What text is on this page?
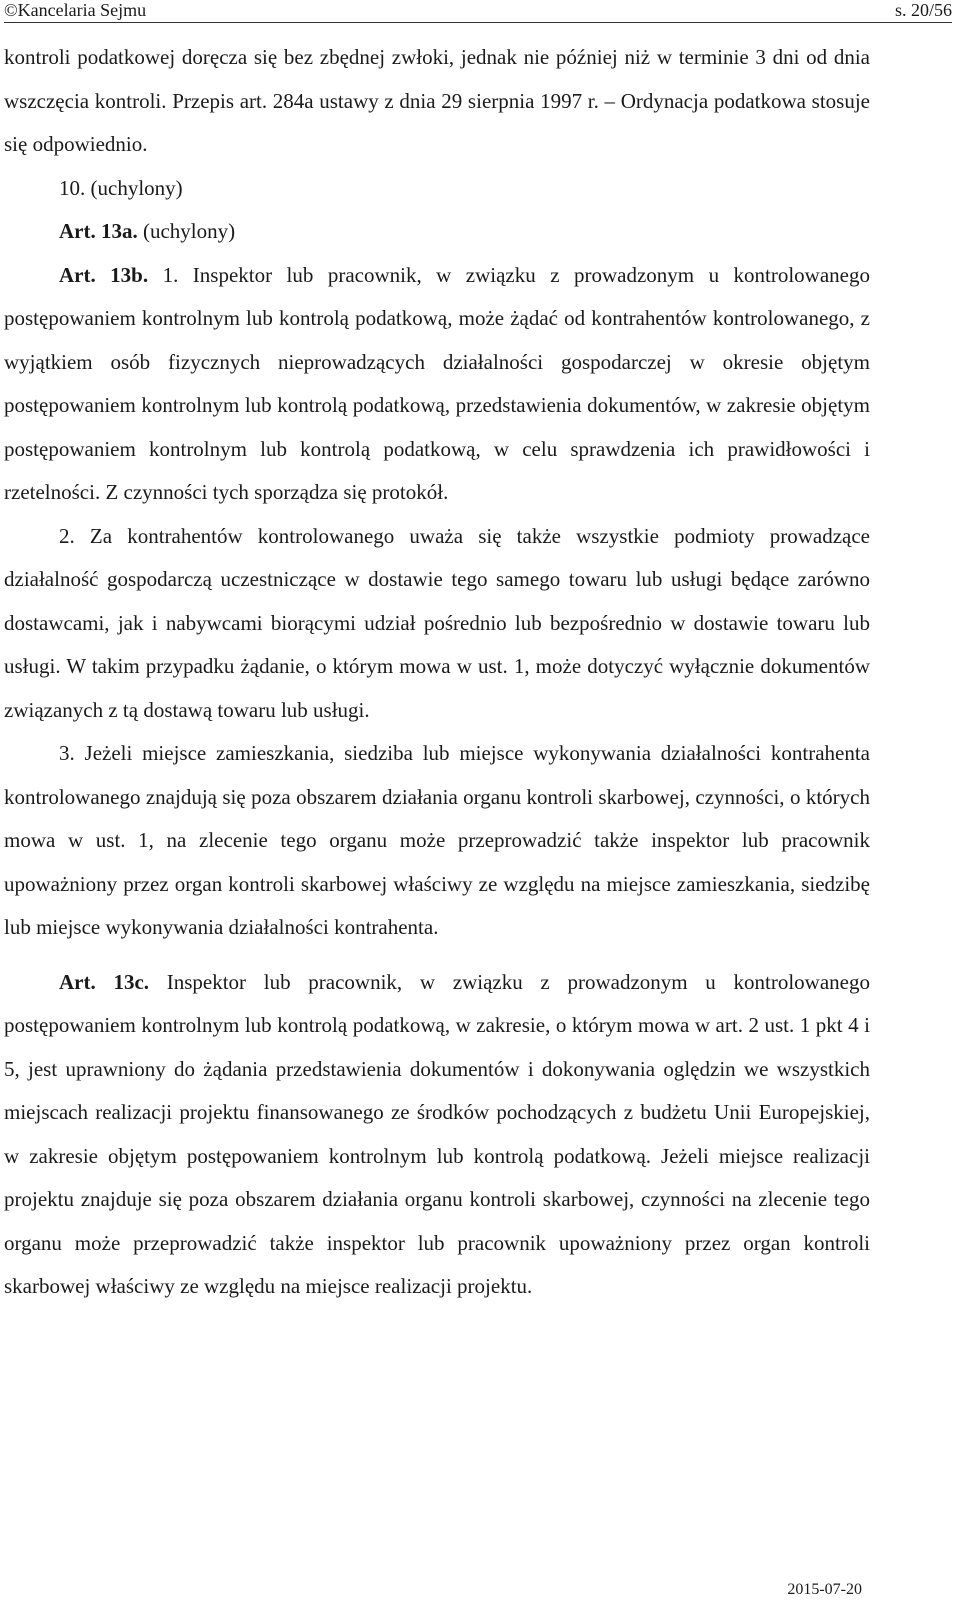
©Kancelaria Sejmu	s. 20/56

kontroli podatkowej doręcza się bez zbędnej zwłoki, jednak nie później niż w terminie 3 dni od dnia wszczęcia kontroli. Przepis art. 284a ustawy z dnia 29 sierpnia 1997 r. – Ordynacja podatkowa stosuje się odpowiednio.

10. (uchylony)

Art. 13a. (uchylony)

Art. 13b. 1. Inspektor lub pracownik, w związku z prowadzonym u kontrolowanego postępowaniem kontrolnym lub kontrolą podatkową, może żądać od kontrahentów kontrolowanego, z wyjątkiem osób fizycznych nieprowadzących działalności gospodarczej w okresie objętym postępowaniem kontrolnym lub kontrolą podatkową, przedstawienia dokumentów, w zakresie objętym postępowaniem kontrolnym lub kontrolą podatkową, w celu sprawdzenia ich prawidłowości i rzetelności. Z czynności tych sporządza się protokół.

2. Za kontrahentów kontrolowanego uważa się także wszystkie podmioty prowadzące działalność gospodarczą uczestniczące w dostawie tego samego towaru lub usługi będące zarówno dostawcami, jak i nabywcami biorącymi udział pośrednio lub bezpośrednio w dostawie towaru lub usługi. W takim przypadku żądanie, o którym mowa w ust. 1, może dotyczyć wyłącznie dokumentów związanych z tą dostawą towaru lub usługi.

3. Jeżeli miejsce zamieszkania, siedziba lub miejsce wykonywania działalności kontrahenta kontrolowanego znajdują się poza obszarem działania organu kontroli skarbowej, czynności, o których mowa w ust. 1, na zlecenie tego organu może przeprowadzić także inspektor lub pracownik upoważniony przez organ kontroli skarbowej właściwy ze względu na miejsce zamieszkania, siedzibę lub miejsce wykonywania działalności kontrahenta.

Art. 13c. Inspektor lub pracownik, w związku z prowadzonym u kontrolowanego postępowaniem kontrolnym lub kontrolą podatkową, w zakresie, o którym mowa w art. 2 ust. 1 pkt 4 i 5, jest uprawniony do żądania przedstawienia dokumentów i dokonywania oględzin we wszystkich miejscach realizacji projektu finansowanego ze środków pochodzących z budżetu Unii Europejskiej, w zakresie objętym postępowaniem kontrolnym lub kontrolą podatkową. Jeżeli miejsce realizacji projektu znajduje się poza obszarem działania organu kontroli skarbowej, czynności na zlecenie tego organu może przeprowadzić także inspektor lub pracownik upoważniony przez organ kontroli skarbowej właściwy ze względu na miejsce realizacji projektu.

2015-07-20
